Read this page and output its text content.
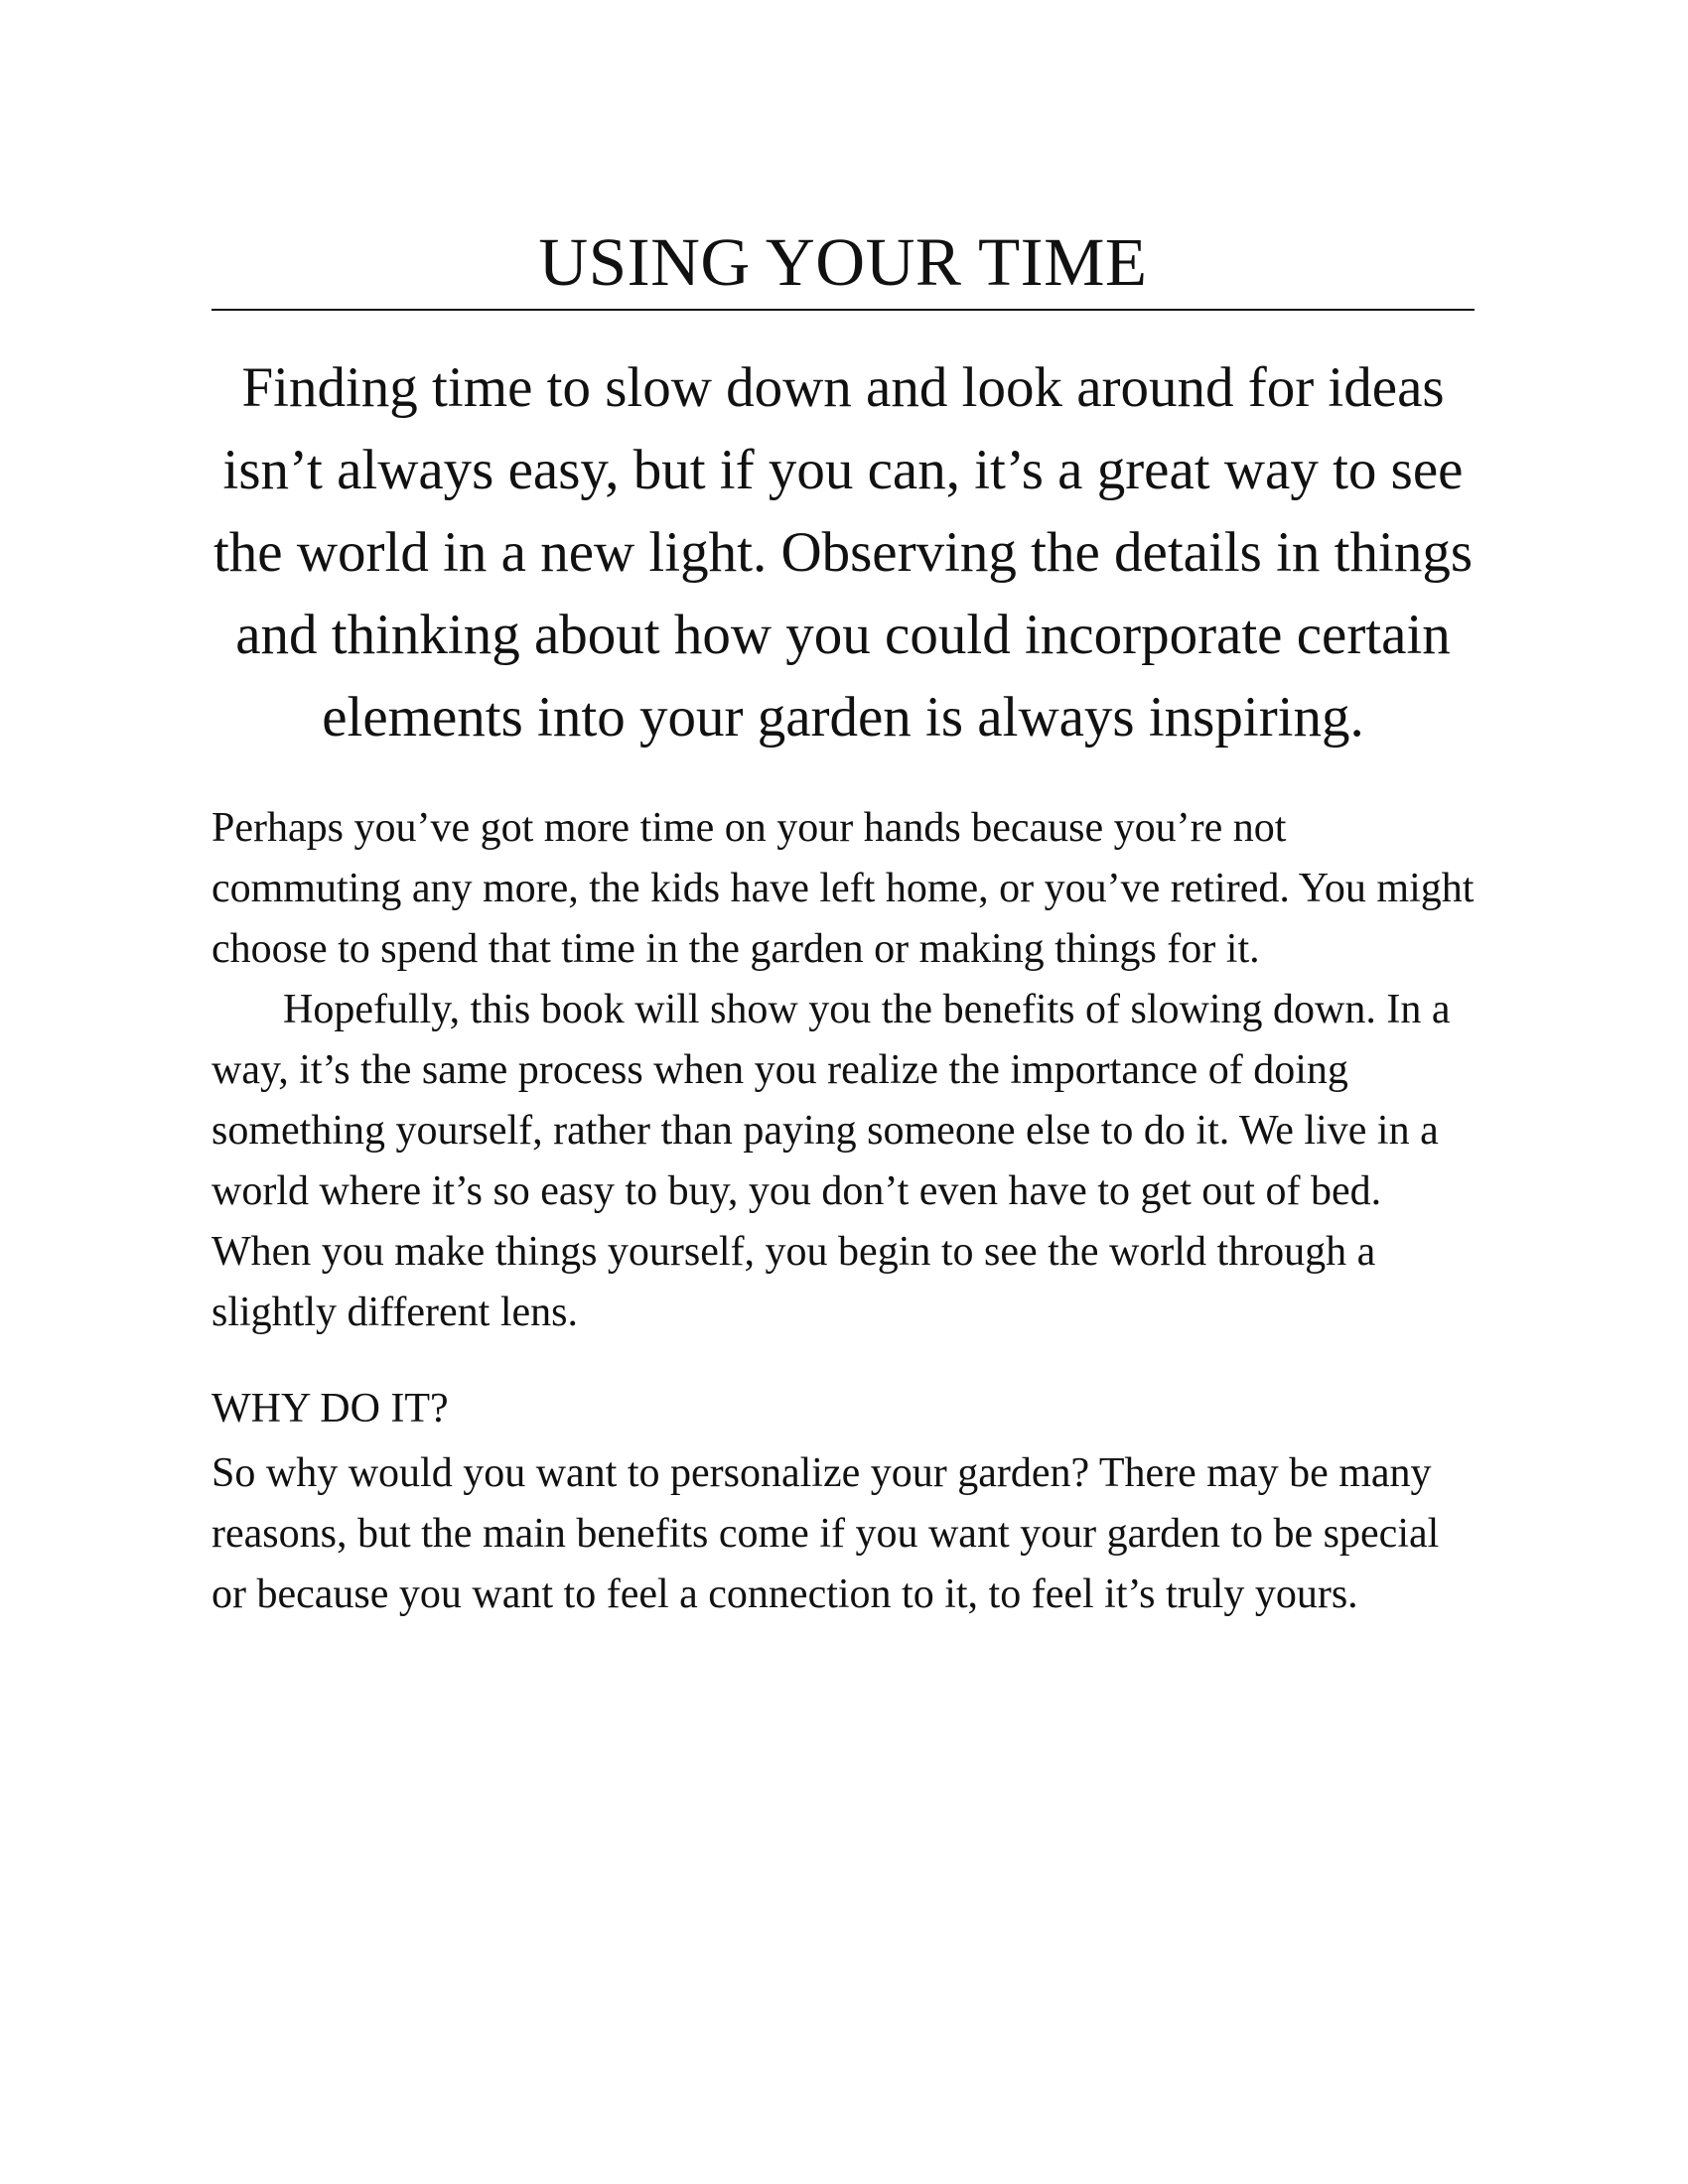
USING YOUR TIME

Finding time to slow down and look around for ideas isn’t always easy, but if you can, it’s a great way to see the world in a new light. Observing the details in things and thinking about how you could incorporate certain elements into your garden is always inspiring.

Perhaps you’ve got more time on your hands because you’re not commuting any more, the kids have left home, or you’ve retired. You might choose to spend that time in the garden or making things for it.

Hopefully, this book will show you the benefits of slowing down. In a way, it’s the same process when you realize the importance of doing something yourself, rather than paying someone else to do it. We live in a world where it’s so easy to buy, you don’t even have to get out of bed. When you make things yourself, you begin to see the world through a slightly different lens.

WHY DO IT?

So why would you want to personalize your garden? There may be many reasons, but the main benefits come if you want your garden to be special or because you want to feel a connection to it, to feel it’s truly yours.
